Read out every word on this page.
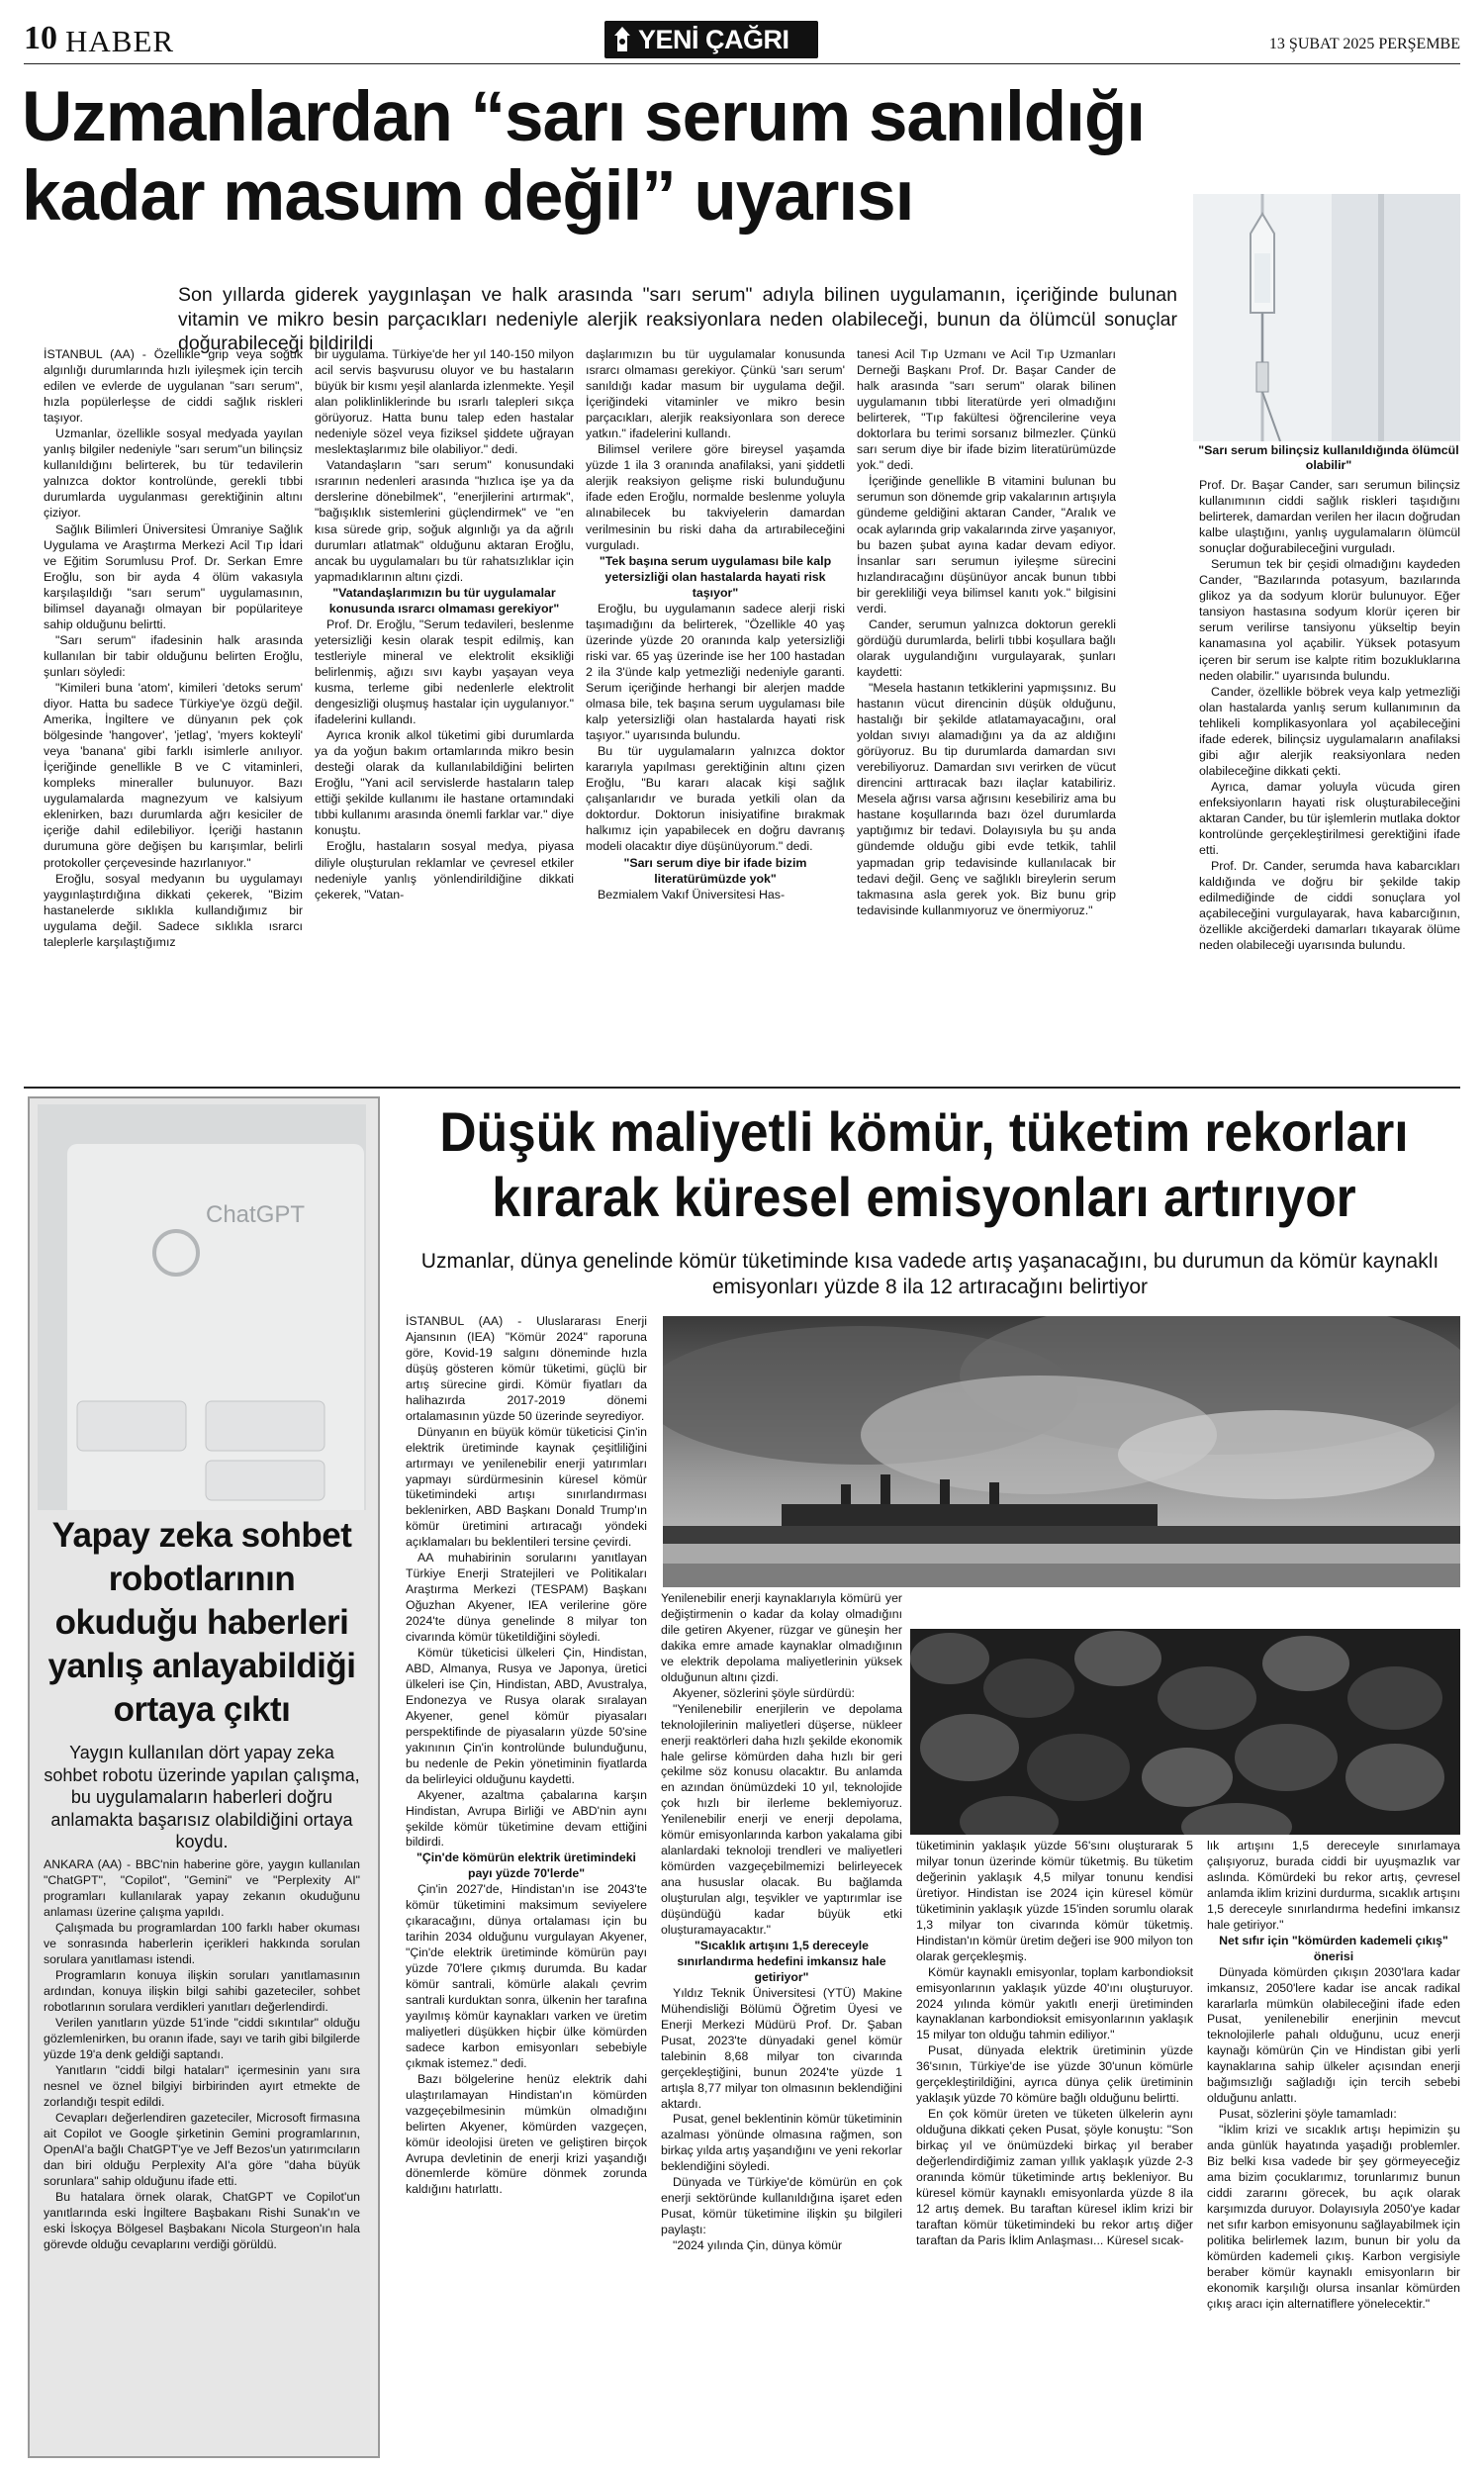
10 HABER	YENİ ÇAĞRI	13 ŞUBAT 2025 PERŞEMBE
Uzmanlardan “sarı serum sanıldığı
kadar masum değil” uyarısı
"Sarı serum bilinçsiz kullanıldığında ölümcül olabilir"
Son yıllarda giderek yaygınlaşan ve halk arasında "sarı serum" adıyla bilinen uygulamanın, içeriğinde bulunan vitamin ve mikro besin parçacıkları nedeniyle alerjik reaksiyonlara neden olabileceği, bunun da ölümcül sonuçlar doğurabileceği bildirildi

İSTANBUL (AA) - Özellikle grip veya soğuk algınlığı durumlarında hızlı iyileşmek için tercih edilen ve evlerde de uygulanan "sarı serum", hızla popülerleşse de ciddi sağlık riskleri taşıyor.

Uzmanlar, özellikle sosyal medyada yayılan yanlış bilgiler nedeniyle "sarı serum"un bilinçsiz kullanıldığını belirterek, bu tür tedavilerin yalnızca doktor kontrolünde, gerekli tıbbi durumlarda uygulanması gerektiğinin altını çiziyor.

Sağlık Bilimleri Üniversitesi Ümraniye Sağlık Uygulama ve Araştırma Merkezi Acil Tıp İdari ve Eğitim Sorumlusu Prof. Dr. Serkan Emre Eroğlu, son bir ayda 4 ölüm vakasıyla karşılaşıldığı "sarı serum" uygulamasının, bilimsel dayanağı olmayan bir popülariteye sahip olduğunu belirtti.

"Sarı serum" ifadesinin halk arasında kullanılan bir tabir olduğunu belirten Eroğlu, şunları söyledi:

"Kimileri buna 'atom', kimileri 'detoks serum' diyor. Hatta bu sadece Türkiye'ye özgü değil. Amerika, İngiltere ve dünyanın pek çok bölgesinde 'hangover', 'jetlag', 'myers kokteyli' veya 'banana' gibi farklı isimlerle anılıyor. İçeriğinde genellikle B ve C vitaminleri, kompleks mineraller bulunuyor. Bazı uygulamalarda magnezyum ve kalsiyum eklenirken, bazı durumlarda ağrı kesiciler de içeriğe dahil edilebiliyor. İçeriği hastanın durumuna göre değişen bu karışımlar, belirli protokoller çerçevesinde hazırlanıyor."

Eroğlu, sosyal medyanın bu uygulamayı yaygınlaştırdığına dikkati çekerek, "Bizim hastanelerde sıklıkla kullandığımız bir uygulama değil. Sadece sıklıkla ısrarcı taleplerle karşılaştığımız

bir uygulama. Türkiye'de her yıl 140-150 milyon acil servis başvurusu oluyor ve bu hastaların büyük bir kısmı yeşil alanlarda izlenmekte. Yeşil alan poliklinliklerinde bu ısrarlı talepleri sıkça görüyoruz. Hatta bunu talep eden hastalar nedeniyle sözel veya fiziksel şiddete uğrayan meslektaşlarımız bile olabiliyor." dedi.

Vatandaşların "sarı serum" konusundaki ısrarının nedenleri arasında "hızlıca işe ya da derslerine dönebilmek", "enerjilerini artırmak", "bağışıklık sistemlerini güçlendirmek" ve "en kısa sürede grip, soğuk algınlığı ya da ağrılı durumları atlatmak" olduğunu aktaran Eroğlu, ancak bu uygulamaları bu tür rahatsızlıklar için yapmadıklarının altını çizdi.

"Vatandaşlarımızın bu tür uygulamalar konusunda ısrarcı olmaması gerekiyor"

Prof. Dr. Eroğlu, "Serum tedavileri, beslenme yetersizliği kesin olarak tespit edilmiş, kan testleriyle mineral ve elektrolit eksikliği belirlenmiş, ağızı sıvı kaybı yaşayan veya kusma, terleme gibi nedenlerle elektrolit dengesizliği oluşmuş hastalar için uygulanıyor." ifadelerini kullandı.

Ayrıca kronik alkol tüketimi gibi durumlarda ya da yoğun bakım ortamlarında mikro besin desteği olarak da kullanılabildiğini belirten Eroğlu, "Yani acil servislerde hastaların talep ettiği şekilde kullanımı ile hastane ortamındaki tıbbi kullanımı arasında önemli farklar var." diye konuştu.

Eroğlu, hastaların sosyal medya, piyasa diliyle oluşturulan reklamlar ve çevresel etkiler nedeniyle yanlış yönlendirildiğine dikkati çekerek, "Vatan-

daşlarımızın bu tür uygulamalar konusunda ısrarcı olmaması gerekiyor. Çünkü 'sarı serum' sanıldığı kadar masum bir uygulama değil. İçeriğindeki vitaminler ve mikro besin parçacıkları, alerjik reaksiyonlara son derece yatkın." ifadelerini kullandı.

Bilimsel verilere göre bireysel yaşamda yüzde 1 ila 3 oranında anafilaksi, yani şiddetli alerjik reaksiyon gelişme riski bulunduğunu ifade eden Eroğlu, normalde beslenme yoluyla alınabilecek bu takviyelerin damardan verilmesinin bu riski daha da artırabileceğini vurguladı.

"Tek başına serum uygulaması bile kalp yetersizliği olan hastalarda hayati risk taşıyor"

Eroğlu, bu uygulamanın sadece alerji riski taşımadığını da belirterek, "Özellikle 40 yaş üzerinde yüzde 20 oranında kalp yetersizliği riski var. 65 yaş üzerinde ise her 100 hastadan 2 ila 3'ünde kalp yetmezliği nedeniyle garanti. Serum içeriğinde herhangi bir alerjen madde olmasa bile, tek başına serum uygulaması bile kalp yetersizliği olan hastalarda hayati risk taşıyor." uyarısında bulundu.

Bu tür uygulamaların yalnızca doktor kararıyla yapılması gerektiğinin altını çizen Eroğlu, "Bu kararı alacak kişi sağlık çalışanlarıdır ve burada yetkili olan da doktordur. Doktorun inisiyatifine bırakmak halkımız için yapabilecek en doğru davranış modeli olacaktır diye düşünüyorum." dedi.

"Sarı serum diye bir ifade bizim literatürümüzde yok"

Bezmialem Vakıf Üniversitesi Has-

tanesi Acil Tıp Uzmanı ve Acil Tıp Uzmanları Derneği Başkanı Prof. Dr. Başar Cander de halk arasında "sarı serum" olarak bilinen uygulamanın tıbbi literatürde yeri olmadığını belirterek, "Tıp fakültesi öğrencilerine veya doktorlara bu terimi sorsanız bilmezler. Çünkü sarı serum diye bir ifade bizim literatürümüzde yok." dedi.

İçeriğinde genellikle B vitamini bulunan bu serumun son dönemde grip vakalarının artışıyla gündeme geldiğini aktaran Cander, "Aralık ve ocak aylarında grip vakalarında zirve yaşanıyor, bu bazen şubat ayına kadar devam ediyor. İnsanlar sarı serumun iyileşme sürecini hızlandıracağını düşünüyor ancak bunun tıbbi bir gerekliliği veya bilimsel kanıtı yok." bilgisini verdi.

Cander, serumun yalnızca doktorun gerekli gördüğü durumlarda, belirli tıbbi koşullara bağlı olarak uygulandığını vurgulayarak, şunları kaydetti:

"Mesela hastanın tetkiklerini yapmışsınız. Bu hastanın vücut direncinin düşük olduğunu, hastalığı bir şekilde atlatamayacağını, oral yoldan sıvıyı alamadığını ya da az aldığını görüyoruz. Bu tip durumlarda damardan sıvı verebiliyoruz. Damardan sıvı verirken de vücut direncini arttıracak bazı ilaçlar katabiliriz. Mesela ağrısı varsa ağrısını kesebiliriz ama bu hastane koşullarında bazı özel durumlarda yaptığımız bir tedavi. Dolayısıyla bu şu anda gündemde olduğu gibi evde tetkik, tahlil yapmadan grip tedavisinde kullanılacak bir tedavi değil. Genç ve sağlıklı bireylerin serum takmasına asla gerek yok. Biz bunu grip tedavisinde kullanmıyoruz ve önermiyoruz."

Prof. Dr. Başar Cander, sarı serumun bilinçsiz kullanımının ciddi sağlık riskleri taşıdığını belirterek, damardan verilen her ilacın doğrudan kalbe ulaştığını, yanlış uygulamaların ölümcül sonuçlar doğurabileceğini vurguladı.

Serumun tek bir çeşidi olmadığını kaydeden Cander, "Bazılarında potasyum, bazılarında glikoz ya da sodyum klorür bulunuyor. Eğer tansiyon hastasına sodyum klorür içeren bir serum verilirse tansiyonu yükseltip beyin kanamasına yol açabilir. Yüksek potasyum içeren bir serum ise kalpte ritim bozukluklarına neden olabilir." uyarısında bulundu.

Cander, özellikle böbrek veya kalp yetmezliği olan hastalarda yanlış serum kullanımının da tehlikeli komplikasyonlara yol açabileceğini ifade ederek, bilinçsiz uygulamaların anafilaksi gibi ağır alerjik reaksiyonlara neden olabileceğine dikkati çekti.

Ayrıca, damar yoluyla vücuda giren enfeksiyonların hayati risk oluşturabileceğini aktaran Cander, bu tür işlemlerin mutlaka doktor kontrolünde gerçekleştirilmesi gerektiğini ifade etti.

Prof. Dr. Cander, serumda hava kabarcıkları kaldığında ve doğru bir şekilde takip edilmediğinde de ciddi sonuçlara yol açabileceğini vurgulayarak, hava kabarcığının, özellikle akciğerdeki damarları tıkayarak ölüme neden olabileceği uyarısında bulundu.

ChatGPT
Yapay zeka sohbet robotlarının okuduğu haberleri yanlış anlayabildiği ortaya çıktı
Yaygın kullanılan dört yapay zeka sohbet robotu üzerinde yapılan çalışma, bu uygulamaların haberleri doğru anlamakta başarısız olabildiğini ortaya koydu.

ANKARA (AA) - BBC'nin haberine göre, yaygın kullanılan "ChatGPT", "Copilot", "Gemini" ve "Perplexity AI" programları kullanılarak yapay zekanın okuduğunu anlaması üzerine çalışma yapıldı.

Çalışmada bu programlardan 100 farklı haber okuması ve sonrasında haberlerin içerikleri hakkında sorulan sorulara yanıtlaması istendi.

Programların konuya ilişkin soruları yanıtlamasının ardından, konuya ilişkin bilgi sahibi gazeteciler, sohbet robotlarının sorulara verdikleri yanıtları değerlendirdi.

Verilen yanıtların yüzde 51'inde "ciddi sıkıntılar" olduğu gözlemlenirken, bu oranın ifade, sayı ve tarih gibi bilgilerde yüzde 19'a denk geldiği saptandı.

Yanıtların "ciddi bilgi hataları" içermesinin yanı sıra nesnel ve öznel bilgiyi birbirinden ayırt etmekte de zorlandığı tespit edildi.

Cevapları değerlendiren gazeteciler, Microsoft firmasına ait Copilot ve Google şirketinin Gemini programlarının, OpenAI'a bağlı ChatGPT'ye ve Jeff Bezos'un yatırımcıların dan biri olduğu Perplexity AI'a göre "daha büyük sorunlara" sahip olduğunu ifade etti.

Bu hatalara örnek olarak, ChatGPT ve Copilot'un yanıtlarında eski İngiltere Başbakanı Rishi Sunak'ın ve eski İskoçya Bölgesel Başbakanı Nicola Sturgeon'ın hala görevde olduğu cevaplarını verdiği görüldü.

Düşük maliyetli kömür, tüketim rekorları
kırarak küresel emisyonları artırıyor
Uzmanlar, dünya genelinde kömür tüketiminde kısa vadede artış yaşanacağını, bu durumun da kömür kaynaklı emisyonları yüzde 8 ila 12 artıracağını belirtiyor

İSTANBUL (AA) - Uluslararası Enerji Ajansının (IEA) "Kömür 2024" raporuna göre, Kovid-19 salgını döneminde hızla düşüş gösteren kömür tüketimi, güçlü bir artış sürecine girdi. Kömür fiyatları da halihazırda 2017-2019 dönemi ortalamasının yüzde 50 üzerinde seyrediyor.

Dünyanın en büyük kömür tüketicisi Çin'in elektrik üretiminde kaynak çeşitliliğini artırmayı ve yenilenebilir enerji yatırımları yapmayı sürdürmesinin küresel kömür tüketimindeki artışı sınırlandırması beklenirken, ABD Başkanı Donald Trump'ın kömür üretimini artıracağı yöndeki açıklamaları bu beklentileri tersine çevirdi.

AA muhabirinin sorularını yanıtlayan Türkiye Enerji Stratejileri ve Politikaları Araştırma Merkezi (TESPAM) Başkanı Oğuzhan Akyener, IEA verilerine göre 2024'te dünya genelinde 8 milyar ton civarında kömür tüketildiğini söyledi.

Kömür tüketicisi ülkeleri Çin, Hindistan, ABD, Almanya, Rusya ve Japonya, üretici ülkeleri ise Çin, Hindistan, ABD, Avustralya, Endonezya ve Rusya olarak sıralayan Akyener, genel kömür piyasaları perspektifinde de piyasaların yüzde 50'sine yakınının Çin'in kontrolünde bulunduğunu, bu nedenle de Pekin yönetiminin fiyatlarda da belirleyici olduğunu kaydetti.

Akyener, azaltma çabalarına karşın Hindistan, Avrupa Birliği ve ABD'nin aynı şekilde kömür tüketimine devam ettiğini bildirdi.

"Çin'de kömürün elektrik üretimindeki payı yüzde 70'lerde"

Çin'in 2027'de, Hindistan'ın ise 2043'te kömür tüketimini maksimum seviyelere çıkaracağını, dünya ortalaması için bu tarihin 2034 olduğunu vurgulayan Akyener, "Çin'de elektrik üretiminde kömürün payı yüzde 70'lere çıkmış durumda. Bu kadar kömür santrali, kömürle alakalı çevrim santrali kurduktan sonra, ülkenin her tarafına yayılmış kömür kaynakları varken ve üretim maliyetleri düşükken hiçbir ülke kömürden sadece karbon emisyonları sebebiyle çıkmak istemez." dedi.

Bazı bölgelerine henüz elektrik dahi ulaştırılamayan Hindistan'ın kömürden vazgeçebilmesinin mümkün olmadığını belirten Akyener, kömürden vazgeçen, kömür ideolojisi üreten ve geliştiren birçok Avrupa devletinin de enerji krizi yaşandığı dönemlerde kömüre dönmek zorunda kaldığını hatırlattı.

Yenilenebilir enerji kaynaklarıyla kömürü yer değiştirmenin o kadar da kolay olmadığını dile getiren Akyener, rüzgar ve güneşin her dakika emre amade kaynaklar olmadığının ve elektrik depolama maliyetlerinin yüksek olduğunun altını çizdi.

Akyener, sözlerini şöyle sürdürdü:

"Yenilenebilir enerjilerin ve depolama teknolojilerinin maliyetleri düşerse, nükleer enerji reaktörleri daha hızlı şekilde ekonomik hale gelirse kömürden daha hızlı bir geri çekilme söz konusu olacaktır. Bu anlamda en azından önümüzdeki 10 yıl, teknolojide çok hızlı bir ilerleme beklemiyoruz. Yenilenebilir enerji ve enerji depolama, kömür emisyonlarında karbon yakalama gibi alanlardaki teknoloji trendleri ve maliyetleri kömürden vazgeçebilmemizi belirleyecek ana hususlar olacak. Bu bağlamda oluşturulan algı, teşvikler ve yaptırımlar ise düşündüğü kadar büyük etki oluşturamayacaktır."

"Sıcaklık artışını 1,5 dereceyle sınırlandırma hedefini imkansız hale getiriyor"

Yıldız Teknik Üniversitesi (YTÜ) Makine Mühendisliği Bölümü Öğretim Üyesi ve Enerji Merkezi Müdürü Prof. Dr. Şaban Pusat, 2023'te dünyadaki genel kömür talebinin 8,68 milyar ton civarında gerçekleştiğini, bunun 2024'te yüzde 1 artışla 8,77 milyar ton olmasının beklendiğini aktardı.

Pusat, genel beklentinin kömür tüketiminin azalması yönünde olmasına rağmen, son birkaç yılda artış yaşandığını ve yeni rekorlar beklendiğini söyledi.

Dünyada ve Türkiye'de kömürün en çok enerji sektöründe kullanıldığına işaret eden Pusat, kömür tüketimine ilişkin şu bilgileri paylaştı:

"2024 yılında Çin, dünya kömür

tüketiminin yaklaşık yüzde 56'sını oluşturarak 5 milyar tonun üzerinde kömür tüketmiş. Bu tüketim değerinin yaklaşık 4,5 milyar tonunu kendisi üretiyor. Hindistan ise 2024 için küresel kömür tüketiminin yaklaşık yüzde 15'inden sorumlu olarak 1,3 milyar ton civarında kömür tüketmiş. Hindistan'ın kömür üretim değeri ise 900 milyon ton olarak gerçekleşmiş.

Kömür kaynaklı emisyonlar, toplam karbondioksit emisyonlarının yaklaşık yüzde 40'ını oluşturuyor. 2024 yılında kömür yakıtlı enerji üretiminden kaynaklanan karbondioksit emisyonlarının yaklaşık 15 milyar ton olduğu tahmin ediliyor."

Pusat, dünyada elektrik üretiminin yüzde 36'sının, Türkiye'de ise yüzde 30'unun kömürle gerçekleştirildiğini, ayrıca dünya çelik üretiminin yaklaşık yüzde 70 kömüre bağlı olduğunu belirtti.

En çok kömür üreten ve tüketen ülkelerin aynı olduğuna dikkati çeken Pusat, şöyle konuştu: "Son birkaç yıl ve önümüzdeki birkaç yıl beraber değerlendirdiğimiz zaman yıllık yaklaşık yüzde 2-3 oranında kömür tüketiminde artış bekleniyor. Bu küresel kömür kaynaklı emisyonlarda yüzde 8 ila 12 artış demek. Bu taraftan küresel iklim krizi bir taraftan kömür tüketimindeki bu rekor artış diğer taraftan da Paris İklim Anlaşması... Küresel sıcak-

lık artışını 1,5 dereceyle sınırlamaya çalışıyoruz, burada ciddi bir uyuşmazlık var aslında. Kömürdeki bu rekor artış, çevresel anlamda iklim krizini durdurma, sıcaklık artışını 1,5 dereceyle sınırlandırma hedefini imkansız hale getiriyor."

Net sıfır için "kömürden kademeli çıkış" önerisi

Dünyada kömürden çıkışın 2030'lara kadar imkansız, 2050'lere kadar ise ancak radikal kararlarla mümkün olabileceğini ifade eden Pusat, yenilenebilir enerjinin mevcut teknolojilerle pahalı olduğunu, ucuz enerji kaynağı kömürün Çin ve Hindistan gibi yerli kaynaklarına sahip ülkeler açısından enerji bağımsızlığı sağladığı için tercih sebebi olduğunu anlattı.

Pusat, sözlerini şöyle tamamladı:

"İklim krizi ve sıcaklık artışı hepimizin şu anda günlük hayatında yaşadığı problemler. Biz belki kısa vadede bir şey görmeyeceğiz ama bizim çocuklarımız, torunlarımız bunun ciddi zararını görecek, bu açık olarak karşımızda duruyor. Dolayısıyla 2050'ye kadar net sıfır karbon emisyonunu sağlayabilmek için politika belirlemek lazım, bunun bir yolu da kömürden kademeli çıkış. Karbon vergisiyle beraber kömür kaynaklı emisyonların bir ekonomik karşılığı olursa insanlar kömürden çıkış aracı için alternatiflere yönelecektir."
